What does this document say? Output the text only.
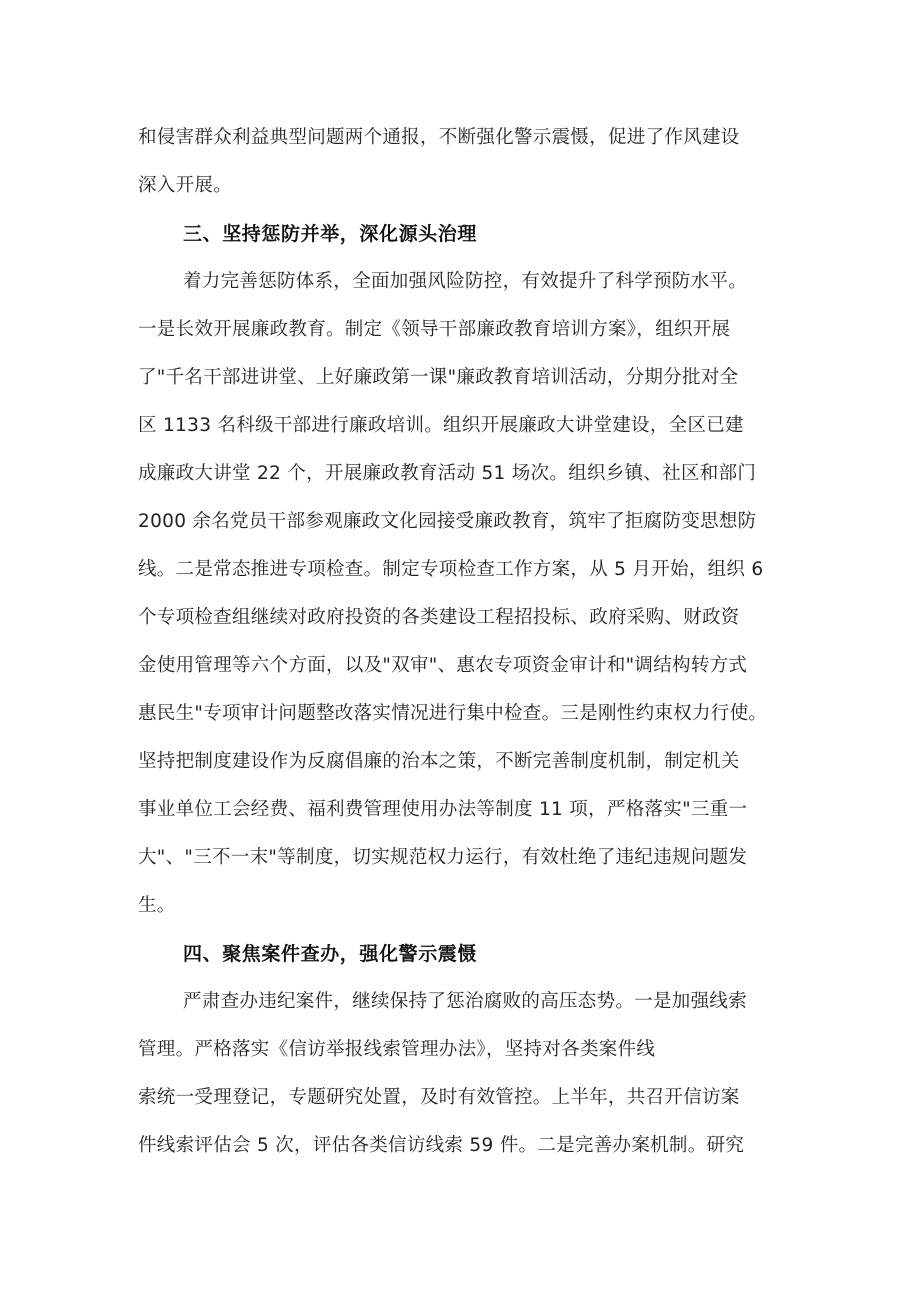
和侵害群众利益典型问题两个通报，不断强化警示震慑，促进了作风建设
深入开展。
三、坚持惩防并举，深化源头治理
着力完善惩防体系，全面加强风险防控，有效提升了科学预防水平。
一是长效开展廉政教育。制定《领导干部廉政教育培训方案》，组织开展
了"千名干部进讲堂、上好廉政第一课"廉政教育培训活动，分期分批对全
区 1133 名科级干部进行廉政培训。组织开展廉政大讲堂建设，全区已建
成廉政大讲堂 22 个，开展廉政教育活动 51 场次。组织乡镇、社区和部门
2000 余名党员干部参观廉政文化园接受廉政教育，筑牢了拒腐防变思想防
线。二是常态推进专项检查。制定专项检查工作方案，从 5 月开始，组织 6
个专项检查组继续对政府投资的各类建设工程招投标、政府采购、财政资
金使用管理等六个方面，以及"双审"、惠农专项资金审计和"调结构转方式
惠民生"专项审计问题整改落实情况进行集中检查。三是刚性约束权力行使。
坚持把制度建设作为反腐倡廉的治本之策，不断完善制度机制，制定机关
事业单位工会经费、福利费管理使用办法等制度 11 项，严格落实"三重一
大"、"三不一末"等制度，切实规范权力运行，有效杜绝了违纪违规问题发
生。
四、聚焦案件查办，强化警示震慑
严肃查办违纪案件，继续保持了惩治腐败的高压态势。一是加强线索
管理。严格落实《信访举报线索管理办法》，坚持对各类案件线
索统一受理登记，专题研究处置，及时有效管控。上半年，共召开信访案
件线索评估会 5 次，评估各类信访线索 59 件。二是完善办案机制。研究
